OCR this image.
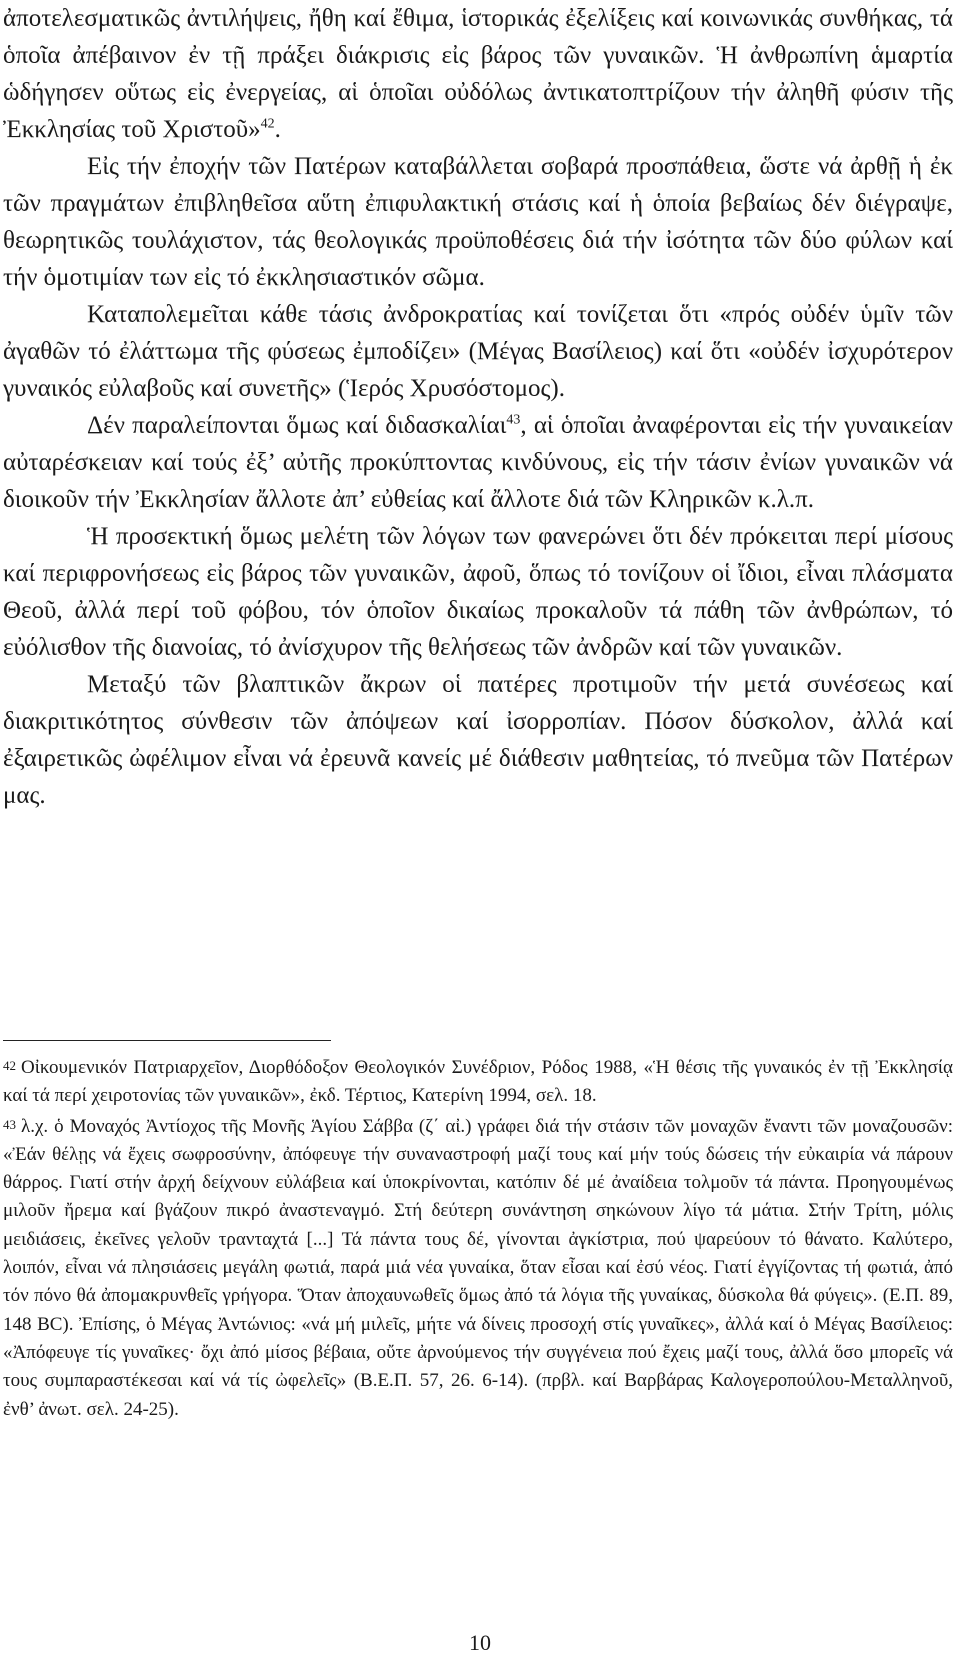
ἀποτελεσματικῶς ἀντιλήψεις, ἤθη καί ἔθιμα, ἱστορικάς ἐξελίξεις καί κοινωνικάς συνθήκας, τά ὁποῖα ἀπέβαινον ἐν τῇ πράξει διάκρισις εἰς βάρος τῶν γυναικῶν. Ἡ ἀνθρωπίνη ἁμαρτία ὡδήγησεν οὕτως εἰς ἐνεργείας, αἱ ὁποῖαι οὐδόλως ἀντικατοπτρίζουν τήν ἀληθῆ φύσιν τῆς Ἐκκλησίας τοῦ Χριστοῦ»$^{42}$.

Εἰς τήν ἐποχήν τῶν Πατέρων καταβάλλεται σοβαρά προσπάθεια, ὥστε νά ἀρθῇ ἡ ἐκ τῶν πραγμάτων ἐπιβληθεῖσα αὕτη ἐπιφυλακτική στάσις καί ἡ ὁποία βεβαίως δέν διέγραψε, θεωρητικῶς τουλάχιστον, τάς θεολογικάς προϋποθέσεις διά τήν ἰσότητα τῶν δύο φύλων καί τήν ὁμοτιμίαν των εἰς τό ἐκκλησιαστικόν σῶμα.

Καταπολεμεῖται κάθε τάσις ἀνδροκρατίας καί τονίζεται ὅτι «πρός οὐδέν ὑμῖν τῶν ἀγαθῶν τό ἐλάττωμα τῆς φύσεως ἐμποδίζει» (Μέγας Βασίλειος) καί ὅτι «οὐδέν ἰσχυρότερον γυναικός εὐλαβοῦς καί συνετῆς» (Ἱερός Χρυσόστομος).

Δέν παραλείπονται ὅμως καί διδασκαλίαι$^{43}$, αἱ ὁποῖαι ἀναφέρονται εἰς τήν γυναικείαν αὐταρέσκειαν καί τούς ἐξ’ αὐτῆς προκύπτοντας κινδύνους, εἰς τήν τάσιν ἐνίων γυναικῶν νά διοικοῦν τήν Ἐκκλησίαν ἄλλοτε ἀπ’ εὐθείας καί ἄλλοτε διά τῶν Κληρικῶν κ.λ.π.

Ἡ προσεκτική ὅμως μελέτη τῶν λόγων των φανερώνει ὅτι δέν πρόκειται περί μίσους καί περιφρονήσεως εἰς βάρος τῶν γυναικῶν, ἀφοῦ, ὅπως τό τονίζουν οἱ ἴδιοι, εἶναι πλάσματα Θεοῦ, ἀλλά περί τοῦ φόβου, τόν ὁποῖον δικαίως προκαλοῦν τά πάθη τῶν ἀνθρώπων, τό εὐόλισθον τῆς διανοίας, τό ἀνίσχυρον τῆς θελήσεως τῶν ἀνδρῶν καί τῶν γυναικῶν.

Μεταξύ τῶν βλαπτικῶν ἄκρων οἱ πατέρες προτιμοῦν τήν μετά συνέσεως καί διακριτικότητος σύνθεσιν τῶν ἀπόψεων καί ἰσορροπίαν. Πόσον δύσκολον, ἀλλά καί ἐξαιρετικῶς ὠφέλιμον εἶναι νά ἐρευνᾶ κανείς μέ διάθεσιν μαθητείας, τό πνεῦμα τῶν Πατέρων μας.

42 Οἰκουμενικόν Πατριαρχεῖον, Διορθόδοξον Θεολογικόν Συνέδριον, Ρόδος 1988, «Ἡ θέσις τῆς γυναικός ἐν τῇ Ἐκκλησίᾳ καί τά περί χειροτονίας τῶν γυναικῶν», ἐκδ. Τέρτιος, Κατερίνη 1994, σελ. 18.

43 λ.χ. ὁ Μοναχός Ἀντίοχος τῆς Μονῆς Ἁγίου Σάββα (ζ΄ αἰ.) γράφει διά τήν στάσιν τῶν μοναχῶν ἔναντι τῶν μοναζουσῶν: «Ἐάν θέλῃς νά ἔχεις σωφροσύνην, ἀπόφευγε τήν συναναστροφή μαζί τους καί μήν τούς δώσεις τήν εὐκαιρία νά πάρουν θάρρος. Γιατί στήν ἀρχή δείχνουν εὐλάβεια καί ὑποκρίνονται, κατόπιν δέ μέ ἀναίδεια τολμοῦν τά πάντα. Προηγουμένως μιλοῦν ἤρεμα καί βγάζουν πικρό ἀναστεναγμό. Στή δεύτερη συνάντηση σηκώνουν λίγο τά μάτια. Στήν Τρίτη, μόλις μειδιάσεις, ἐκεῖνες γελοῦν τρανταχτά [...] Τά πάντα τους δέ, γίνονται ἀγκίστρια, πού ψαρεύουν τό θάνατο. Καλύτερο, λοιπόν, εἶναι νά πλησιάσεις μεγάλη φωτιά, παρά μιά νέα γυναίκα, ὅταν εἶσαι καί ἐσύ νέος. Γιατί ἐγγίζοντας τή φωτιά, ἀπό τόν πόνο θά ἀπομακρυνθεῖς γρήγορα. Ὅταν ἀποχαυνωθεῖς ὅμως ἀπό τά λόγια τῆς γυναίκας, δύσκολα θά φύγεις». (Ε.Π. 89, 148 ΒC). Ἐπίσης, ὁ Μέγας Ἀντώνιος: «νά μή μιλεῖς, μήτε νά δίνεις προσοχή στίς γυναῖκες», ἀλλά καί ὁ Μέγας Βασίλειος: «Ἀπόφευγε τίς γυναῖκες· ὄχι ἀπό μίσος βέβαια, οὔτε ἀρνούμενος τήν συγγένεια πού ἔχεις μαζί τους, ἀλλά ὅσο μπορεῖς νά τους συμπαραστέκεσαι καί νά τίς ὠφελεῖς» (Β.Ε.Π. 57, 26. 6-14). (πρβλ. καί Βαρβάρας Καλογεροπούλου-Μεταλληνοῦ, ἐνθ’ ἀνωτ. σελ. 24-25).

10
